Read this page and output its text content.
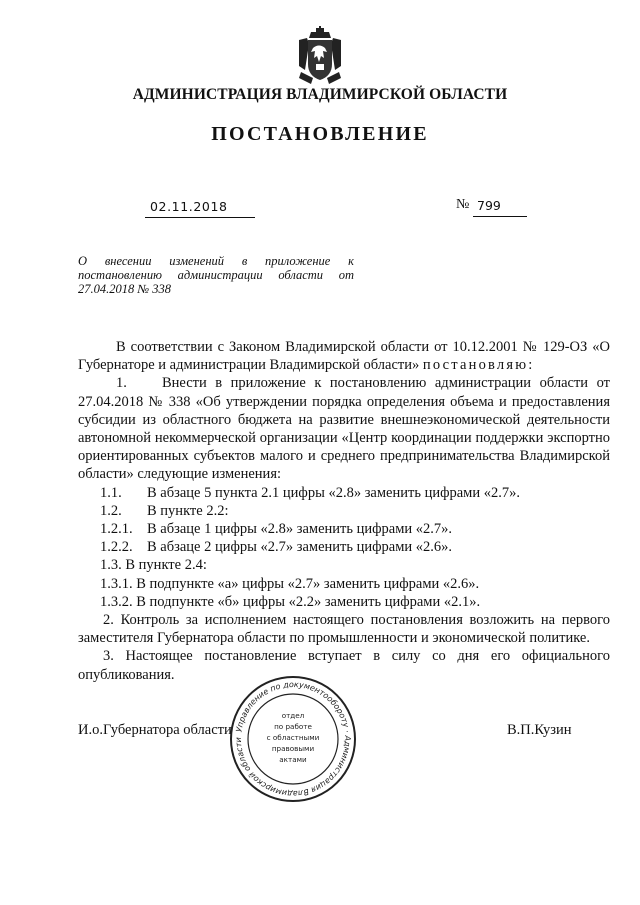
АДМИНИСТРАЦИЯ ВЛАДИМИРСКОЙ ОБЛАСТИ
ПОСТАНОВЛЕНИЕ
02.11.2018	№ 799
О внесении изменений в приложение к
постановлению администрации области от
27.04.2018 № 338

В соответствии с Законом Владимирской области от 10.12.2001 № 129-ОЗ «О Губернаторе и администрации Владимирской области» постановляю:

1. Внести в приложение к постановлению администрации области от 27.04.2018 № 338 «Об утверждении порядка определения объема и предоставления субсидии из областного бюджета на развитие внешнеэкономической деятельности автономной некоммерческой организации «Центр координации поддержки экспортно ориентированных субъектов малого и среднего предпринимательства Владимирской области» следующие изменения:

1.1. В абзаце 5 пункта 2.1 цифры «2.8» заменить цифрами «2.7».

1.2. В пункте 2.2:

1.2.1. В абзаце 1 цифры «2.8» заменить цифрами «2.7».

1.2.2. В абзаце 2 цифры «2.7» заменить цифрами «2.6».

1.3. В пункте 2.4:

1.3.1. В подпункте «а» цифры «2.7» заменить цифрами «2.6».

1.3.2. В подпункте «б» цифры «2.2» заменить цифрами «2.1».

2. Контроль за исполнением настоящего постановления возложить на первого заместителя Губернатора области по промышленности и экономической политике.

3. Настоящее постановление вступает в силу со дня его официального опубликования.

И.о.Губернатора области	В.П.Кузин
Управление по документообороту · Администрация Владимирской области
отдел
по работе
с областными
правовыми
актами
